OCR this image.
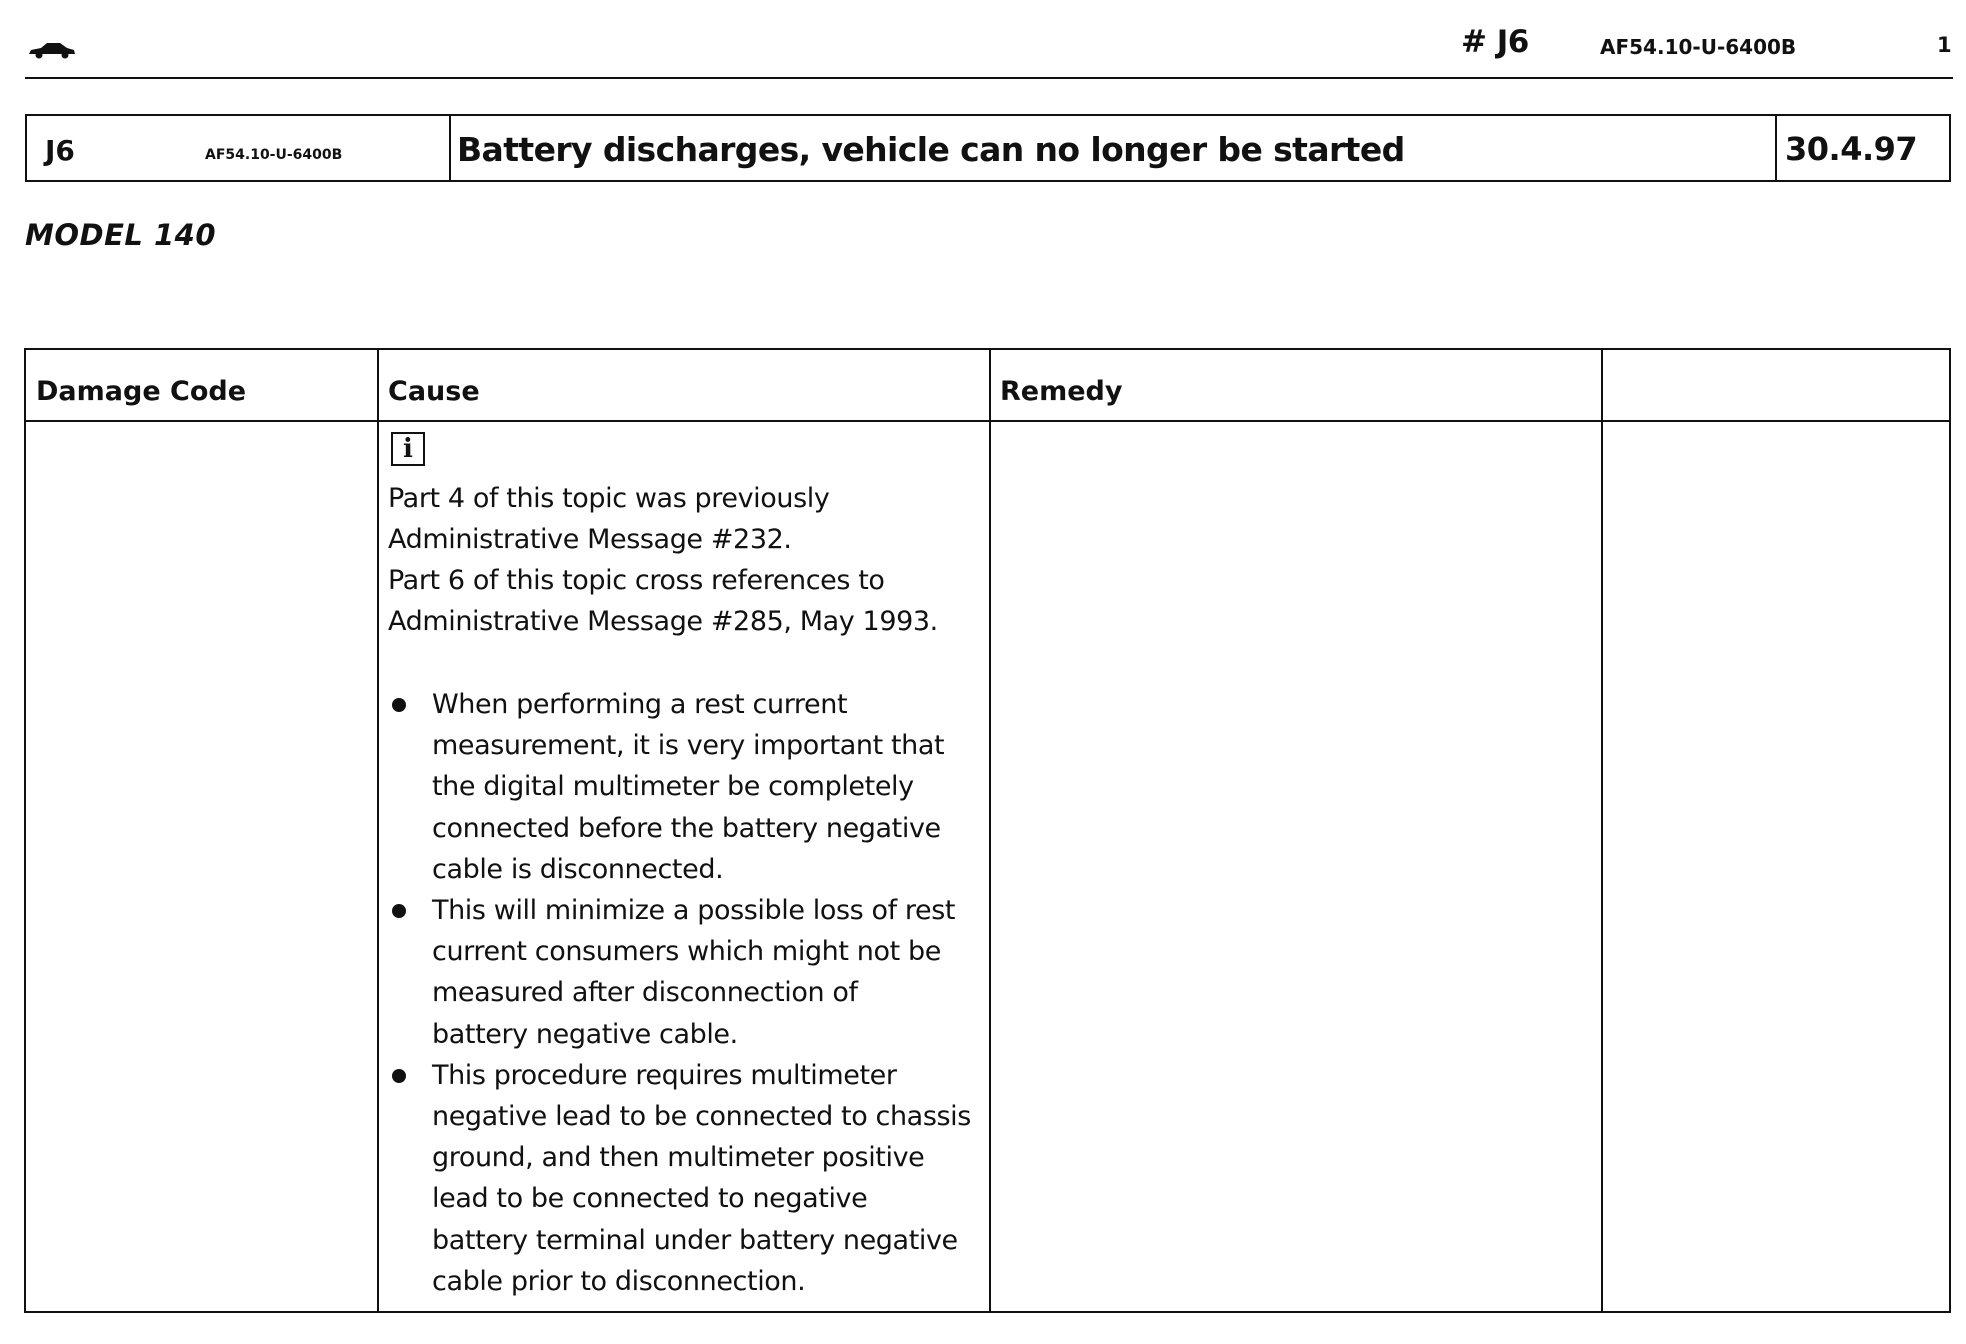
# J6	AF54.10-U-6400B	1
J6	AF54.10-U-6400B	Battery discharges, vehicle can no longer be started	30.4.97
MODEL 140
Damage Code	Cause	Remedy
i
Part 4 of this topic was previously
Administrative Message #232.
Part 6 of this topic cross references to
Administrative Message #285, May 1993.
When performing a rest current
measurement, it is very important that
the digital multimeter be completely
connected before the battery negative
cable is disconnected.
This will minimize a possible loss of rest
current consumers which might not be
measured after disconnection of
battery negative cable.
This procedure requires multimeter
negative lead to be connected to chassis
ground, and then multimeter positive
lead to be connected to negative
battery terminal under battery negative
cable prior to disconnection.
